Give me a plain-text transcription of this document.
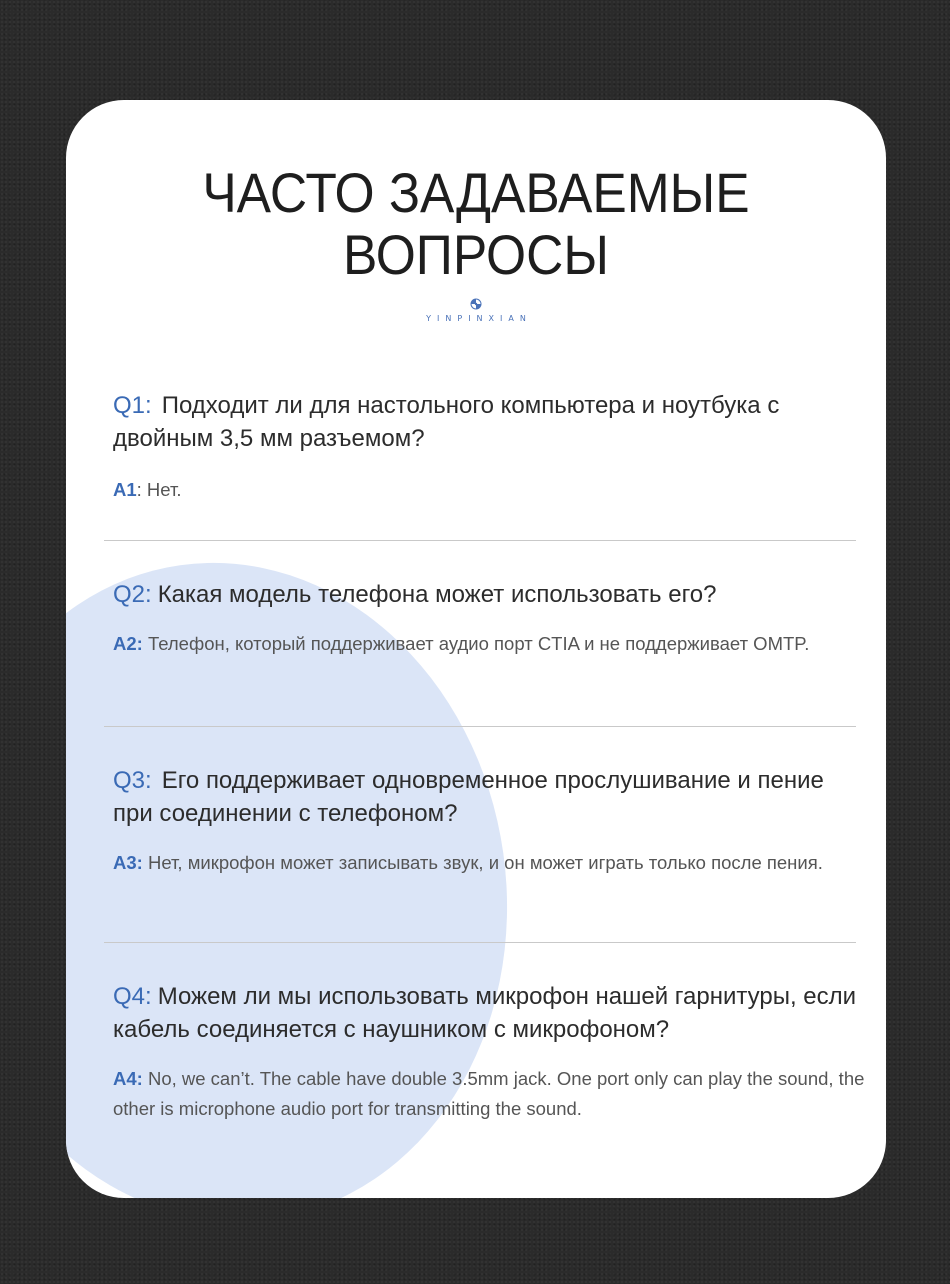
ЧАСТО ЗАДАВАЕМЫЕ
ВОПРОСЫ
YINPINXIAN
Q1: Подходит ли для настольного компьютера и ноутбука с двойным 3,5 мм разъемом?
A1: Нет.
Q2: Какая модель телефона может использовать его?
A2: Телефон, который поддерживает аудио порт CTIA и не поддерживает OMTP.
Q3: Его поддерживает одновременное прослушивание и пение при соединении с телефоном?
A3: Нет, микрофон может записывать звук, и он может играть только после пения.
Q4: Можем ли мы использовать микрофон нашей гарнитуры, если кабель соединяется с наушником с микрофоном?
A4: No, we can’t. The cable have double 3.5mm jack. One port only can play the sound, the other is microphone audio port for transmitting the sound.
